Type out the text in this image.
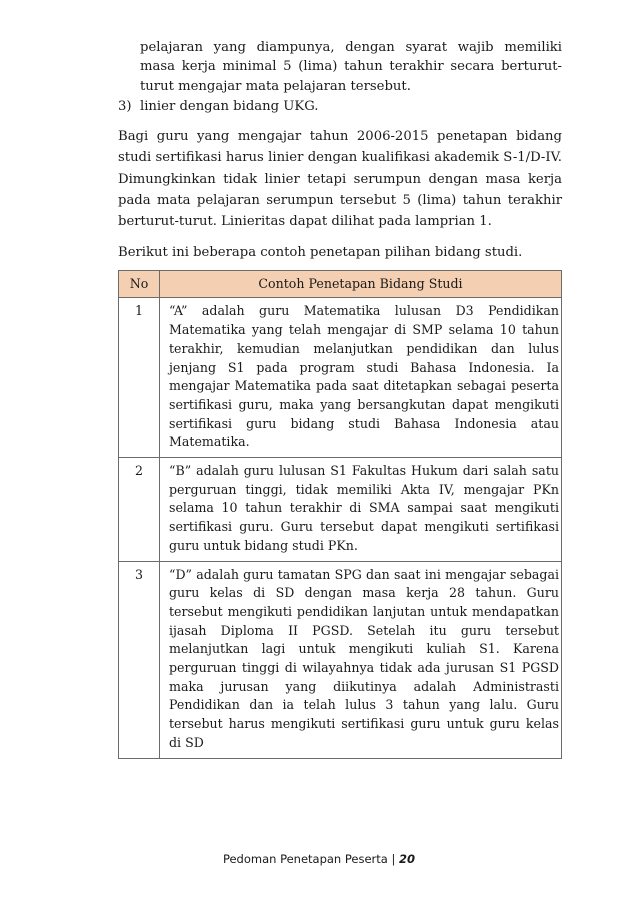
pelajaran yang diampunya, dengan syarat wajib memiliki masa kerja minimal 5 (lima) tahun terakhir secara berturut-turut mengajar mata pelajaran tersebut.

3) linier dengan bidang UKG.

Bagi guru yang mengajar tahun 2006-2015 penetapan bidang studi sertifikasi harus linier dengan kualifikasi akademik S-1/D-IV. Dimungkinkan tidak linier tetapi serumpun dengan masa kerja pada mata pelajaran serumpun tersebut 5 (lima) tahun terakhir berturut-turut. Linieritas dapat dilihat pada lamprian 1.

Berikut ini beberapa contoh penetapan pilihan bidang studi.

No	Contoh Penetapan Bidang Studi
1	“A” adalah guru Matematika lulusan D3 Pendidikan Matematika yang telah mengajar di SMP selama 10 tahun terakhir, kemudian melanjutkan pendidikan dan lulus jenjang S1 pada program studi Bahasa Indonesia. Ia mengajar Matematika pada saat ditetapkan sebagai peserta sertifikasi guru, maka yang bersangkutan dapat mengikuti sertifikasi guru bidang studi Bahasa Indonesia atau Matematika.
2	“B” adalah guru lulusan S1 Fakultas Hukum dari salah satu perguruan tinggi, tidak memiliki Akta IV, mengajar PKn selama 10 tahun terakhir di SMA sampai saat mengikuti sertifikasi guru. Guru tersebut dapat mengikuti sertifikasi guru untuk bidang studi PKn.
3	“D” adalah guru tamatan SPG dan saat ini mengajar sebagai guru kelas di SD dengan masa kerja 28 tahun. Guru tersebut mengikuti pendidikan lanjutan untuk mendapatkan ijasah Diploma II PGSD. Setelah itu guru tersebut melanjutkan lagi untuk mengikuti kuliah S1. Karena perguruan tinggi di wilayahnya tidak ada jurusan S1 PGSD maka jurusan yang diikutinya adalah Administrasti Pendidikan dan ia telah lulus 3 tahun yang lalu. Guru tersebut harus mengikuti sertifikasi guru untuk guru kelas di SD
Pedoman Penetapan Peserta | 20
